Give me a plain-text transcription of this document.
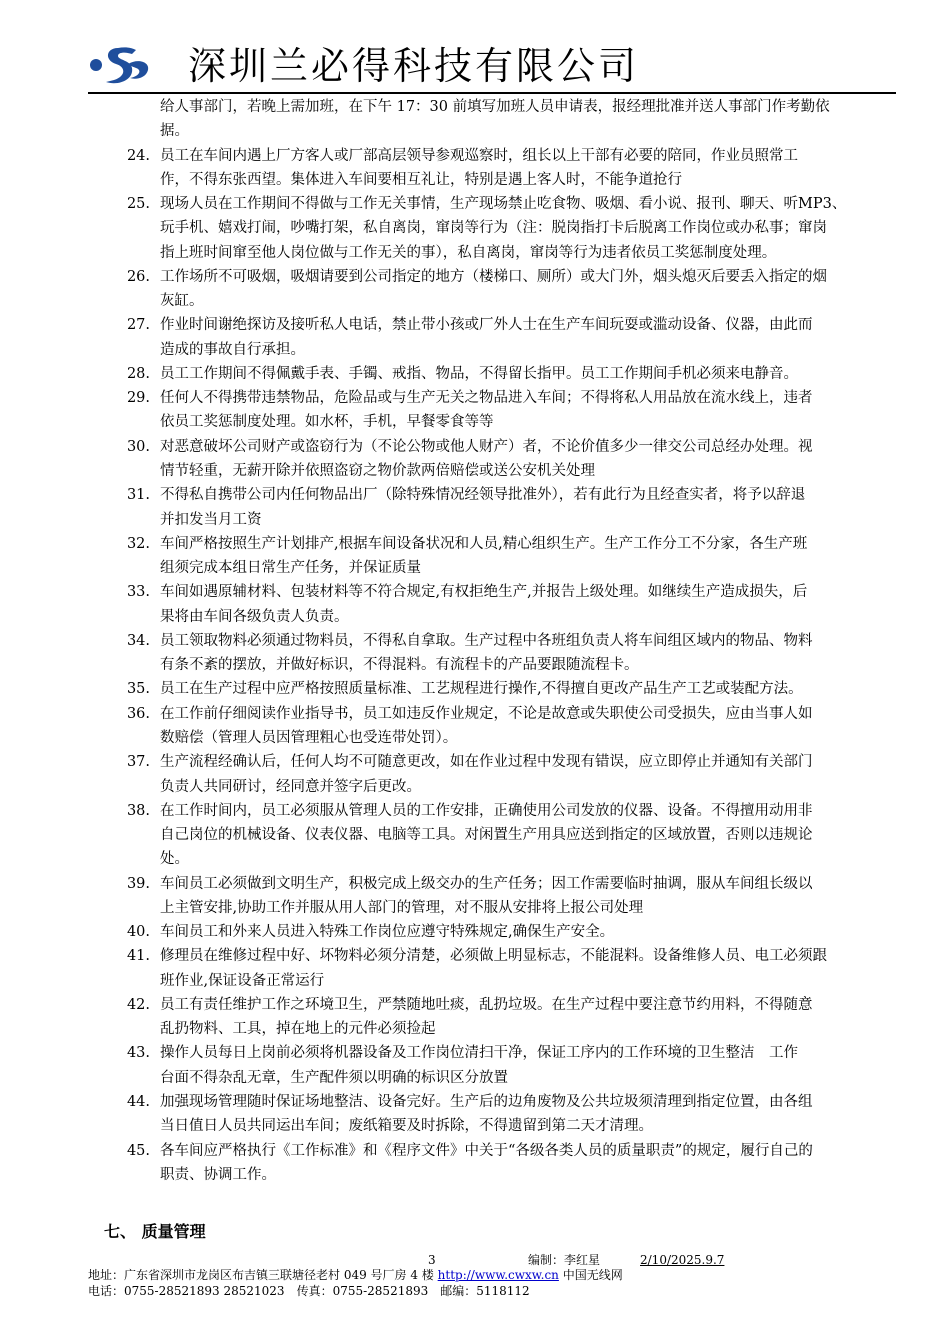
深圳兰必得科技有限公司
给人事部门，若晚上需加班，在下午 17：30 前填写加班人员申请表，报经理批准并送人事部门作考勤依
据。
24. 员工在车间内遇上厂方客人或厂部高层领导参观巡察时，组长以上干部有必要的陪同，作业员照常工
作，不得东张西望。集体进入车间要相互礼让，特别是遇上客人时，不能争道抢行
25. 现场人员在工作期间不得做与工作无关事情，生产现场禁止吃食物、吸烟、看小说、报刊、聊天、听MP3、
玩手机、嬉戏打闹，吵嘴打架，私自离岗，窜岗等行为（注：脱岗指打卡后脱离工作岗位或办私事；窜岗
指上班时间窜至他人岗位做与工作无关的事），私自离岗，窜岗等行为违者依员工奖惩制度处理。
26. 工作场所不可吸烟，吸烟请要到公司指定的地方（楼梯口、厕所）或大门外，烟头熄灭后要丢入指定的烟
灰缸。
27. 作业时间谢绝探访及接听私人电话，禁止带小孩或厂外人士在生产车间玩耍或滥动设备、仪器，由此而
造成的事故自行承担。
28. 员工工作期间不得佩戴手表、手镯、戒指、物品，不得留长指甲。员工工作期间手机必须来电静音。
29. 任何人不得携带违禁物品，危险品或与生产无关之物品进入车间；不得将私人用品放在流水线上，违者
依员工奖惩制度处理。如水杯，手机，早餐零食等等
30. 对恶意破坏公司财产或盗窃行为（不论公物或他人财产）者，不论价值多少一律交公司总经办处理。视
情节轻重，无薪开除并依照盗窃之物价款两倍赔偿或送公安机关处理
31. 不得私自携带公司内任何物品出厂（除特殊情况经领导批准外），若有此行为且经查实者，将予以辞退
并扣发当月工资
32. 车间严格按照生产计划排产,根据车间设备状况和人员,精心组织生产。生产工作分工不分家，各生产班
组须完成本组日常生产任务，并保证质量
33. 车间如遇原辅材料、包装材料等不符合规定,有权拒绝生产,并报告上级处理。如继续生产造成损失，后
果将由车间各级负责人负责。
34. 员工领取物料必须通过物料员，不得私自拿取。生产过程中各班组负责人将车间组区域内的物品、物料
有条不紊的摆放，并做好标识，不得混料。有流程卡的产品要跟随流程卡。
35. 员工在生产过程中应严格按照质量标准、工艺规程进行操作,不得擅自更改产品生产工艺或装配方法。
36. 在工作前仔细阅读作业指导书，员工如违反作业规定，不论是故意或失职使公司受损失，应由当事人如
数赔偿（管理人员因管理粗心也受连带处罚）。
37. 生产流程经确认后，任何人均不可随意更改，如在作业过程中发现有错误，应立即停止并通知有关部门
负责人共同研讨，经同意并签字后更改。
38. 在工作时间内，员工必须服从管理人员的工作安排，正确使用公司发放的仪器、设备。不得擅用动用非
自己岗位的机械设备、仪表仪器、电脑等工具。对闲置生产用具应送到指定的区域放置，否则以违规论
处。
39. 车间员工必须做到文明生产，积极完成上级交办的生产任务；因工作需要临时抽调，服从车间组长级以
上主管安排,协助工作并服从用人部门的管理，对不服从安排将上报公司处理
40. 车间员工和外来人员进入特殊工作岗位应遵守特殊规定,确保生产安全。
41. 修理员在维修过程中好、坏物料必须分清楚，必须做上明显标志，不能混料。设备维修人员、电工必须跟
班作业,保证设备正常运行
42. 员工有责任维护工作之环境卫生，严禁随地吐痰，乱扔垃圾。在生产过程中要注意节约用料，不得随意
乱扔物料、工具，掉在地上的元件必须捡起
43. 操作人员每日上岗前必须将机器设备及工作岗位清扫干净，保证工序内的工作环境的卫生整洁　工作
台面不得杂乱无章，生产配件须以明确的标识区分放置
44. 加强现场管理随时保证场地整洁、设备完好。生产后的边角废物及公共垃圾须清理到指定位置，由各组
当日值日人员共同运出车间；废纸箱要及时拆除，不得遗留到第二天才清理。
45. 各车间应严格执行《工作标准》和《程序文件》中关于“各级各类人员的质量职责”的规定，履行自己的
职责、协调工作。
七、 质量管理
3	编制：李红星	2/10/2025.9.7
地址：广东省深圳市龙岗区布吉镇三联塘径老村 049 号厂房 4 楼 http://www.cwxw.cn 中国无线网
电话：0755-28521893 28521023　传真：0755-28521893　邮编：5118112
